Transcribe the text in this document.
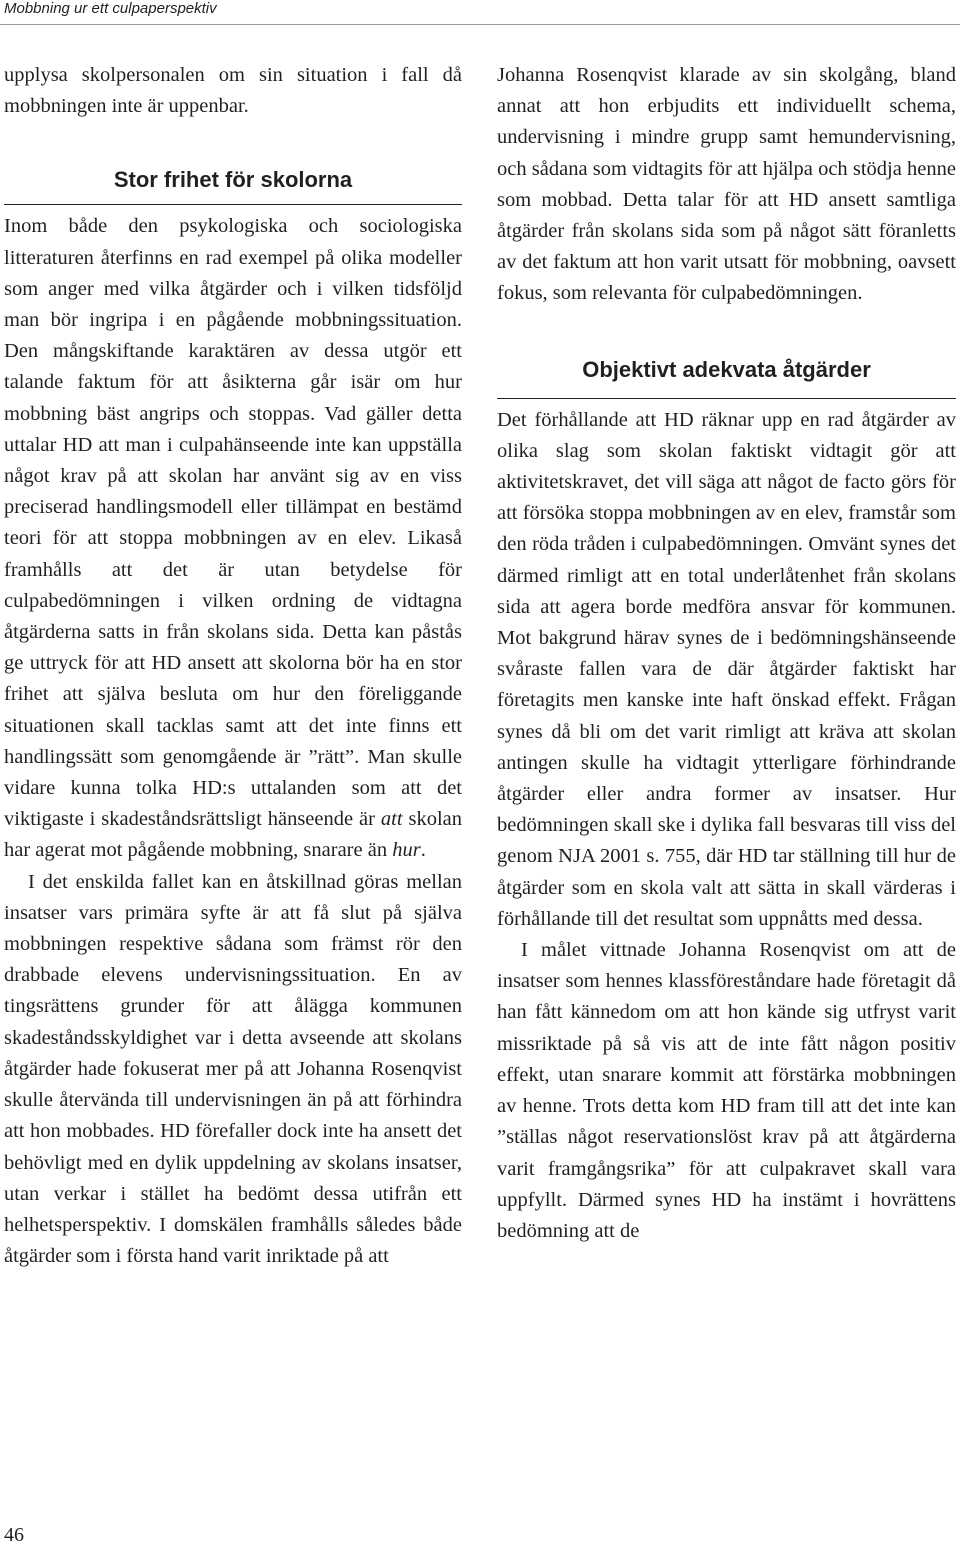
Mobbning ur ett culpaperspektiv

upplysa skolpersonalen om sin situation i fall då mobbningen inte är uppenbar.

Stor frihet för skolorna

Inom både den psykologiska och sociologiska litteraturen återfinns en rad exempel på olika modeller som anger med vilka åtgärder och i vilken tidsföljd man bör ingripa i en pågående mobbningssituation. Den mångskiftande karaktären av dessa utgör ett talande faktum för att åsikterna går isär om hur mobbning bäst angrips och stoppas. Vad gäller detta uttalar HD att man i culpahänseende inte kan uppställa något krav på att skolan har använt sig av en viss preciserad handlingsmodell eller tillämpat en bestämd teori för att stoppa mobbningen av en elev. Likaså framhålls att det är utan betydelse för culpabedömningen i vilken ordning de vidtagna åtgärderna satts in från skolans sida. Detta kan påstås ge uttryck för att HD ansett att skolorna bör ha en stor frihet att själva besluta om hur den föreliggande situationen skall tacklas samt att det inte finns ett handlingssätt som genomgående är ”rätt”. Man skulle vidare kunna tolka HD:s uttalanden som att det viktigaste i skadeståndsrättsligt hänseende är att skolan har agerat mot pågående mobbning, snarare än hur.

I det enskilda fallet kan en åtskillnad göras mellan insatser vars primära syfte är att få slut på själva mobbningen respektive sådana som främst rör den drabbade elevens undervisningssituation. En av tingsrättens grunder för att ålägga kommunen skadeståndsskyldighet var i detta avseende att skolans åtgärder hade fokuserat mer på att Johanna Rosenqvist skulle återvända till undervisningen än på att förhindra att hon mobbades. HD förefaller dock inte ha ansett det behövligt med en dylik uppdelning av skolans insatser, utan verkar i stället ha bedömt dessa utifrån ett helhetsperspektiv. I domskälen framhålls således både åtgärder som i första hand varit inriktade på att

Johanna Rosenqvist klarade av sin skolgång, bland annat att hon erbjudits ett individuellt schema, undervisning i mindre grupp samt hemundervisning, och sådana som vidtagits för att hjälpa och stödja henne som mobbad. Detta talar för att HD ansett samtliga åtgärder från skolans sida som på något sätt föranletts av det faktum att hon varit utsatt för mobbning, oavsett fokus, som relevanta för culpabedömningen.

Objektivt adekvata åtgärder

Det förhållande att HD räknar upp en rad åtgärder av olika slag som skolan faktiskt vidtagit gör att aktivitetskravet, det vill säga att något de facto görs för att försöka stoppa mobbningen av en elev, framstår som den röda tråden i culpabedömningen. Omvänt synes det därmed rimligt att en total underlåtenhet från skolans sida att agera borde medföra ansvar för kommunen. Mot bakgrund härav synes de i bedömningshänseende svåraste fallen vara de där åtgärder faktiskt har företagits men kanske inte haft önskad effekt. Frågan synes då bli om det varit rimligt att kräva att skolan antingen skulle ha vidtagit ytterligare förhindrande åtgärder eller andra former av insatser. Hur bedömningen skall ske i dylika fall besvaras till viss del genom NJA 2001 s. 755, där HD tar ställning till hur de åtgärder som en skola valt att sätta in skall värderas i förhållande till det resultat som uppnåtts med dessa.

I målet vittnade Johanna Rosenqvist om att de insatser som hennes klassföreståndare hade företagit då han fått kännedom om att hon kände sig utfryst varit missriktade på så vis att de inte fått någon positiv effekt, utan snarare kommit att förstärka mobbningen av henne. Trots detta kom HD fram till att det inte kan ”ställas något reservationslöst krav på att åtgärderna varit framgångsrika” för att culpakravet skall vara uppfyllt. Därmed synes HD ha instämt i hovrättens bedömning att de

46
